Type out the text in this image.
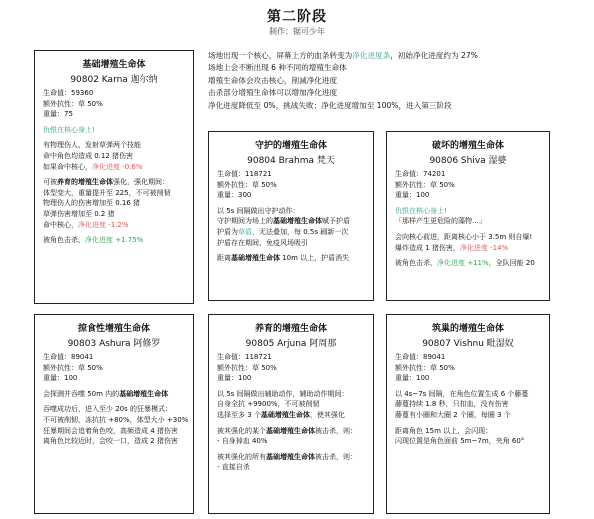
第二阶段
制作：锯可少年
场地出现一个核心，屏幕上方的血条转变为净化进度条，初始净化进度约为 27%
场地上会不断出现 6 种不同的增殖生命体
增殖生命体会攻击核心，削减净化进度
击杀部分增殖生命体可以增加净化进度
净化进度降低至 0%，挑战失败；净化进度增加至 100%，进入第三阶段
基础增殖生命体
90802 Karna 迦尔纳
生命值：59360
额外抗性：草 50%
重量：75
仇恨在核心身上!
有物理伤人、发射草弹两个技能
命中角色均造成 0.12 猪伤害
如果命中核心，净化进度 -0.6%
可被养育的增殖生命体强化，强化期间：
体型变大，重量提升至 225，不可被削韧
物理伤人的伤害增加至 0.16 猪
草弹伤害增加至 0.2 猪
命中核心，净化进度 -1.2%
被角色击杀，净化进度 +1.75%
守护的增殖生命体
90804 Brahma 梵天
生命值：118721
额外抗性：草 50%
重量：300
以 5s 间隔做出守护动作：
守护期间为场上的基础增殖生命体赋予护盾
护盾为草盾，无法叠加，每 0.5s 刷新一次
护盾存在期间，免疫风场吸引
距离基础增殖生命体 10m 以上，护盾消失
破坏的增殖生命体
90806 Shiva 湿婆
生命值：74201
额外抗性：草 50%
重量：100
仇恨在核心身上!
「那样产生更危险的藻物…」
会向核心前进，距离核心小于 3.5m 则自爆!
爆炸造成 1 猪伤害，净化进度 -14%
被角色击杀，净化进度 +11%，全队回能 20
掠食性增殖生命体
90803 Ashura 阿修罗
生命值：89041
额外抗性：草 50%
重量：100
会探测并吞噬 50m 内的基础增殖生命体
吞噬成功后，进入至少 20s 的狂暴模式：
不可被削韧，冻抗抗 +80%，体型大小 +30%
狂暴期间会追着角色咬，高频造成 4 猪伤害
离角色比较近时，会咬一口，造成 2 猪伤害
养育的增殖生命体
90805 Arjuna 阿周那
生命值：118721
额外抗性：草 50%
重量：100
以 5s 间隔做出辅助动作，辅助动作期间：
自身全抗 +9900%，不可被削韧
选择至多 3 个基础增殖生命体，使其强化
被其强化的某个基础增殖生命体被击杀，则：
- 自身掉血 40%
被其强化的所有基础增殖生命体被击杀，则：
- 直接自杀
筑巢的增殖生命体
90807 Vishnu 毗湿奴
生命值：89041
额外抗性：草 50%
重量：100
以 4s~7s 间隔，在角色位置生成 6 个藤蔓
藤蔓持续 1.8 秒，只扣血，没有伤害
藤蔓有小圈和大圈 2 个圈，每圈 3 个
距离角色 15m 以上，会闪现：
闪现位置是角色面前 5m~7m，夹角 60°
